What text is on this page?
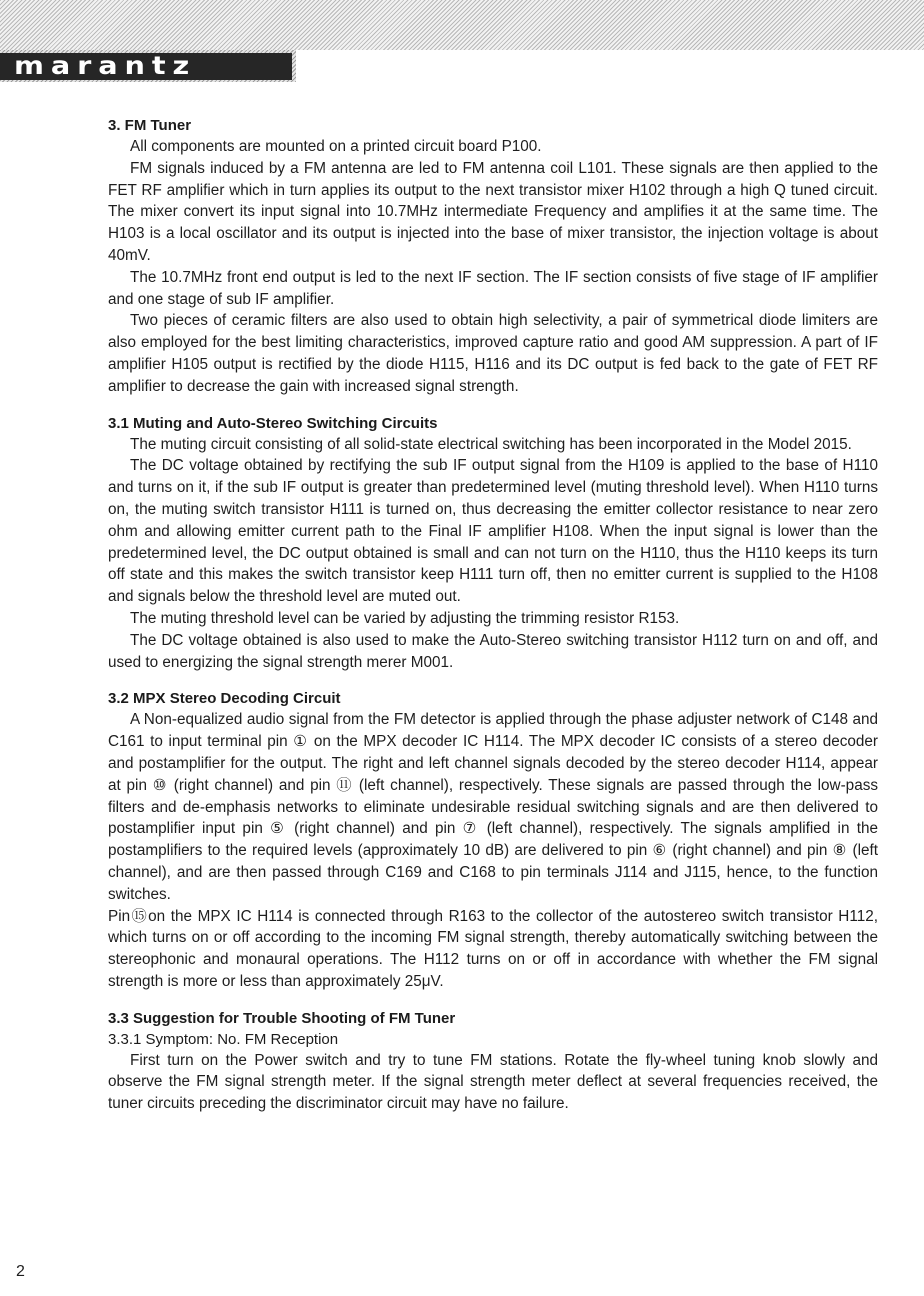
marantz
3. FM Tuner

All components are mounted on a printed circuit board P100.

FM signals induced by a FM antenna are led to FM antenna coil L101. These signals are then applied to the FET RF amplifier which in turn applies its output to the next transistor mixer H102 through a high Q tuned circuit. The mixer convert its input signal into 10.7MHz intermediate Frequency and amplifies it at the same time. The H103 is a local oscillator and its output is injected into the base of mixer transistor, the injection voltage is about 40mV.

The 10.7MHz front end output is led to the next IF section. The IF section consists of five stage of IF amplifier and one stage of sub IF amplifier.

Two pieces of ceramic filters are also used to obtain high selectivity, a pair of symmetrical diode limiters are also employed for the best limiting characteristics, improved capture ratio and good AM suppression. A part of IF amplifier H105 output is rectified by the diode H115, H116 and its DC output is fed back to the gate of FET RF amplifier to decrease the gain with increased signal strength.

3.1 Muting and Auto-Stereo Switching Circuits

The muting circuit consisting of all solid-state electrical switching has been incorporated in the Model 2015.

The DC voltage obtained by rectifying the sub IF output signal from the H109 is applied to the base of H110 and turns on it, if the sub IF output is greater than predetermined level (muting threshold level). When H110 turns on, the muting switch transistor H111 is turned on, thus decreasing the emitter collector resistance to near zero ohm and allowing emitter current path to the Final IF amplifier H108. When the input signal is lower than the predetermined level, the DC output obtained is small and can not turn on the H110, thus the H110 keeps its turn off state and this makes the switch transistor keep H111 turn off, then no emitter current is supplied to the H108 and signals below the threshold level are muted out.

The muting threshold level can be varied by adjusting the trimming resistor R153.

The DC voltage obtained is also used to make the Auto-Stereo switching transistor H112 turn on and off, and used to energizing the signal strength merer M001.

3.2 MPX Stereo Decoding Circuit

A Non-equalized audio signal from the FM detector is applied through the phase adjuster network of C148 and C161 to input terminal pin ① on the MPX decoder IC H114. The MPX decoder IC consists of a stereo decoder and postamplifier for the output. The right and left channel signals decoded by the stereo decoder H114, appear at pin ⑩ (right channel) and pin ⑪ (left channel), respectively. These signals are passed through the low-pass filters and de-emphasis networks to eliminate undesirable residual switching signals and are then delivered to postamplifier input pin ⑤ (right channel) and pin ⑦ (left channel), respectively. The signals amplified in the postamplifiers to the required levels (approximately 10 dB) are delivered to pin ⑥ (right channel) and pin ⑧ (left channel), and are then passed through C169 and C168 to pin terminals J114 and J115, hence, to the function switches.

Pin⑮on the MPX IC H114 is connected through R163 to the collector of the autostereo switch transistor H112, which turns on or off according to the incoming FM signal strength, thereby automatically switching between the stereophonic and monaural operations. The H112 turns on or off in accordance with whether the FM signal strength is more or less than approximately 25μV.

3.3 Suggestion for Trouble Shooting of FM Tuner
3.3.1 Symptom: No. FM Reception

First turn on the Power switch and try to tune FM stations. Rotate the fly-wheel tuning knob slowly and observe the FM signal strength meter. If the signal strength meter deflect at several frequencies received, the tuner circuits preceding the discriminator circuit may have no failure.

2
